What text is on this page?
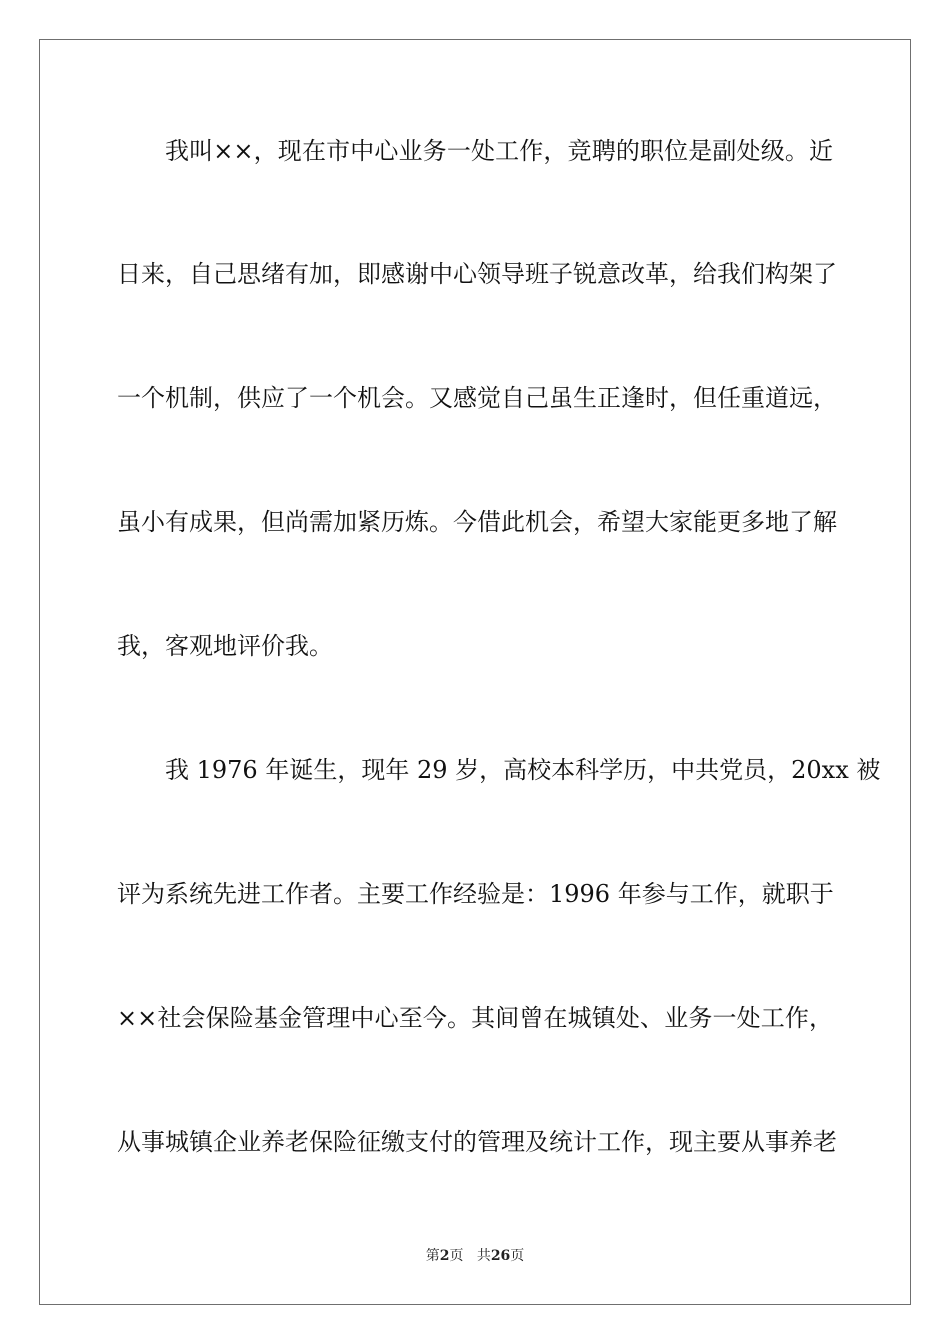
我叫××，现在市中心业务一处工作，竞聘的职位是副处级。近
日来，自己思绪有加，即感谢中心领导班子锐意改革，给我们构架了
一个机制，供应了一个机会。又感觉自己虽生正逢时，但任重道远，
虽小有成果，但尚需加紧历炼。今借此机会，希望大家能更多地了解
我，客观地评价我。
我 1976 年诞生，现年 29 岁，高校本科学历，中共党员，20xx 被
评为系统先进工作者。主要工作经验是：1996 年参与工作，就职于
××社会保险基金管理中心至今。其间曾在城镇处、业务一处工作，
从事城镇企业养老保险征缴支付的管理及统计工作，现主要从事养老
第2页 共26页
